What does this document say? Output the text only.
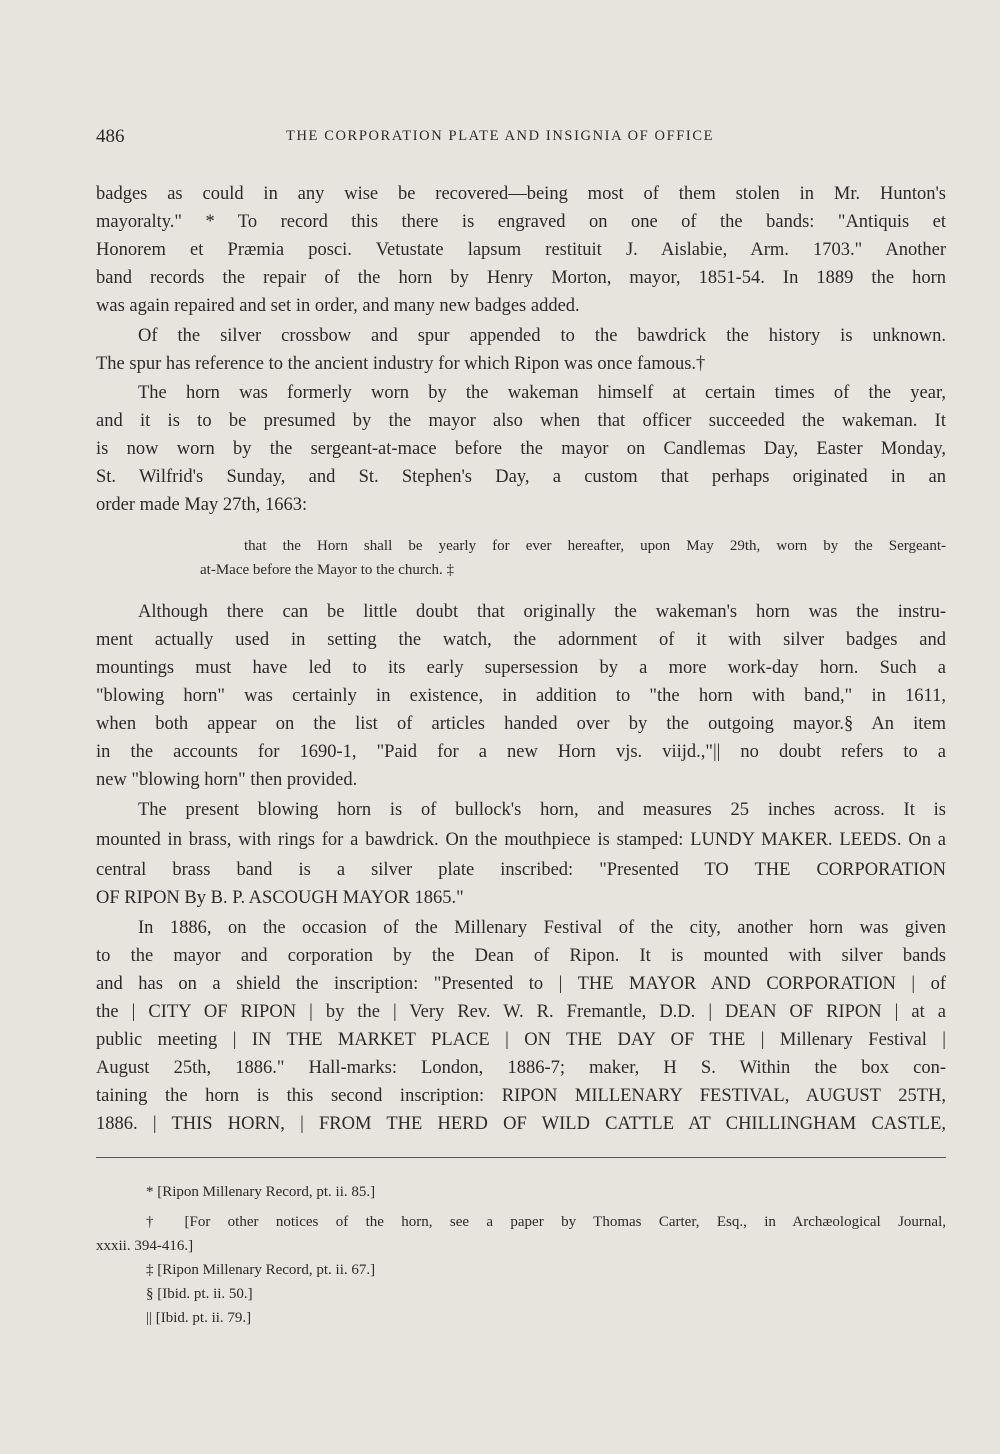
486	THE CORPORATION PLATE AND INSIGNIA OF OFFICE
badges as could in any wise be recovered—being most of them stolen in Mr. Hunton's
mayoralty." * To record this there is engraved on one of the bands: "Antiquis et
Honorem et Præmia posci. Vetustate lapsum restituit J. Aislabie, Arm. 1703." Another
band records the repair of the horn by Henry Morton, mayor, 1851-54. In 1889 the horn
was again repaired and set in order, and many new badges added.
Of the silver crossbow and spur appended to the bawdrick the history is unknown.
The spur has reference to the ancient industry for which Ripon was once famous.†
The horn was formerly worn by the wakeman himself at certain times of the year,
and it is to be presumed by the mayor also when that officer succeeded the wakeman. It
is now worn by the sergeant-at-mace before the mayor on Candlemas Day, Easter Monday,
St. Wilfrid's Sunday, and St. Stephen's Day, a custom that perhaps originated in an
order made May 27th, 1663:
that the Horn shall be yearly for ever hereafter, upon May 29th, worn by the Sergeant-
at-Mace before the Mayor to the church. ‡
Although there can be little doubt that originally the wakeman's horn was the instru-
ment actually used in setting the watch, the adornment of it with silver badges and
mountings must have led to its early supersession by a more work-day horn. Such a
"blowing horn" was certainly in existence, in addition to "the horn with band," in 1611,
when both appear on the list of articles handed over by the outgoing mayor.§ An item
in the accounts for 1690-1, "Paid for a new Horn vjs. viijd.,"|| no doubt refers to a
new "blowing horn" then provided.
The present blowing horn is of bullock's horn, and measures 25 inches across. It is
mounted in brass, with rings for a bawdrick. On the mouthpiece is stamped: LUNDY MAKER. LEEDS. On a
central brass band is a silver plate inscribed: "Presented TO THE CORPORATION
OF RIPON By B. P. ASCOUGH MAYOR 1865."
In 1886, on the occasion of the Millenary Festival of the city, another horn was given
to the mayor and corporation by the Dean of Ripon. It is mounted with silver bands
and has on a shield the inscription: "Presented to | THE MAYOR AND CORPORATION | of
the | CITY OF RIPON | by the | Very Rev. W. R. Fremantle, D.D. | DEAN OF RIPON | at a
public meeting | IN THE MARKET PLACE | ON THE DAY OF THE | Millenary Festival |
August 25th, 1886." Hall-marks: London, 1886-7; maker, H S. Within the box con-
taining the horn is this second inscription: RIPON MILLENARY FESTIVAL, AUGUST 25TH,
1886. | THIS HORN, | FROM THE HERD OF WILD CATTLE AT CHILLINGHAM CASTLE,
* [Ripon Millenary Record, pt. ii. 85.]
† [For other notices of the horn, see a paper by Thomas Carter, Esq., in Archæological Journal,
xxxii. 394-416.]
‡ [Ripon Millenary Record, pt. ii. 67.]
§ [Ibid. pt. ii. 50.]
|| [Ibid. pt. ii. 79.]
